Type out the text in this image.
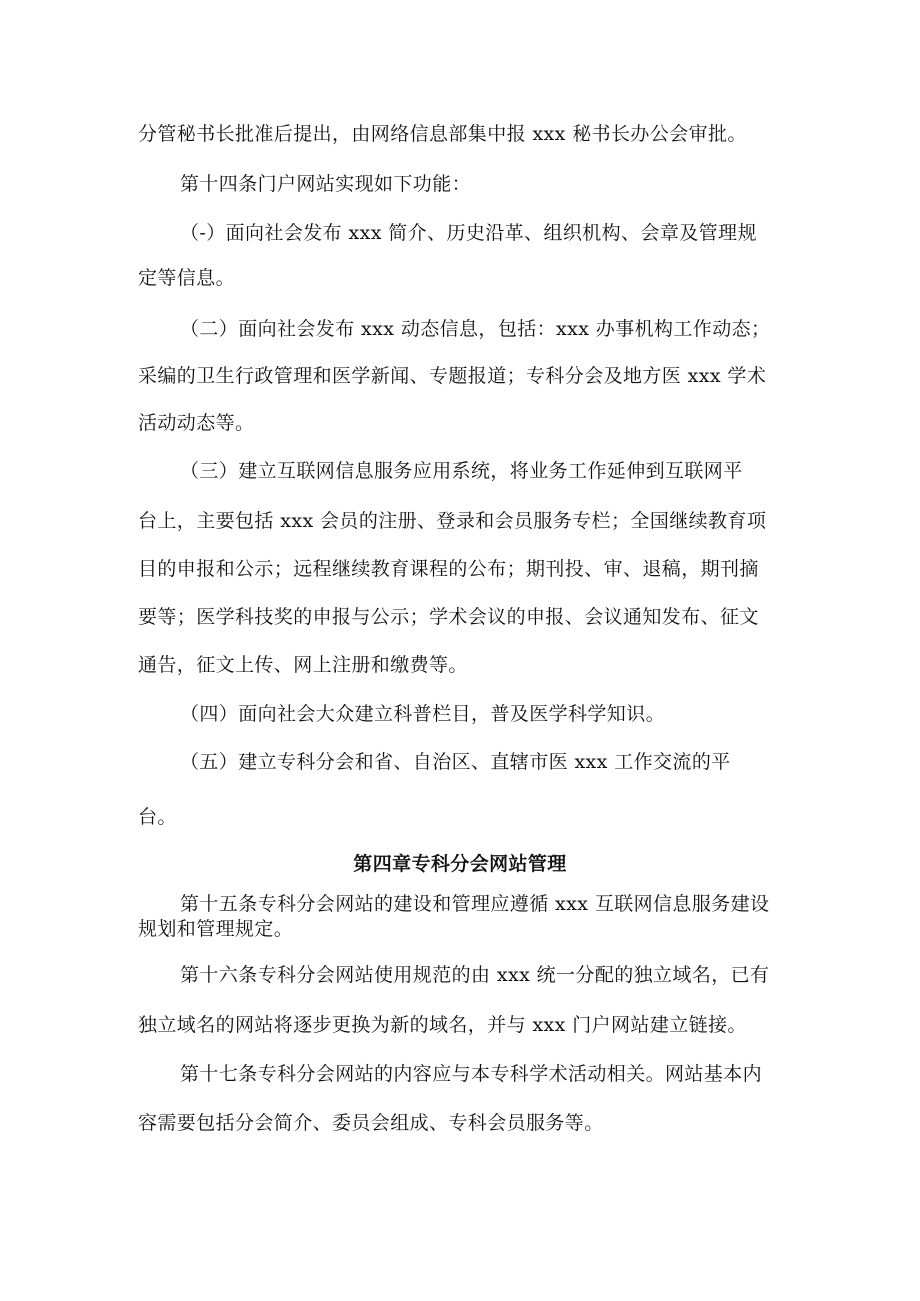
分管秘书长批准后提出，由网络信息部集中报 xxx 秘书长办公会审批。
第十四条门户网站实现如下功能：
（-）面向社会发布 xxx 简介、历史沿革、组织机构、会章及管理规
定等信息。
（二）面向社会发布 xxx 动态信息，包括：xxx 办事机构工作动态；
采编的卫生行政管理和医学新闻、专题报道；专科分会及地方医 xxx 学术
活动动态等。
（三）建立互联网信息服务应用系统，将业务工作延伸到互联网平
台上，主要包括 xxx 会员的注册、登录和会员服务专栏；全国继续教育项
目的申报和公示；远程继续教育课程的公布；期刊投、审、退稿，期刊摘
要等；医学科技奖的申报与公示；学术会议的申报、会议通知发布、征文
通告，征文上传、网上注册和缴费等。
（四）面向社会大众建立科普栏目，普及医学科学知识。
（五）建立专科分会和省、自治区、直辖市医 xxx 工作交流的平
台。
第四章专科分会网站管理
第十五条专科分会网站的建设和管理应遵循 xxx 互联网信息服务建设
规划和管理规定。
第十六条专科分会网站使用规范的由 xxx 统一分配的独立域名，已有
独立域名的网站将逐步更换为新的域名，并与 xxx 门户网站建立链接。
第十七条专科分会网站的内容应与本专科学术活动相关。网站基本内
容需要包括分会简介、委员会组成、专科会员服务等。
